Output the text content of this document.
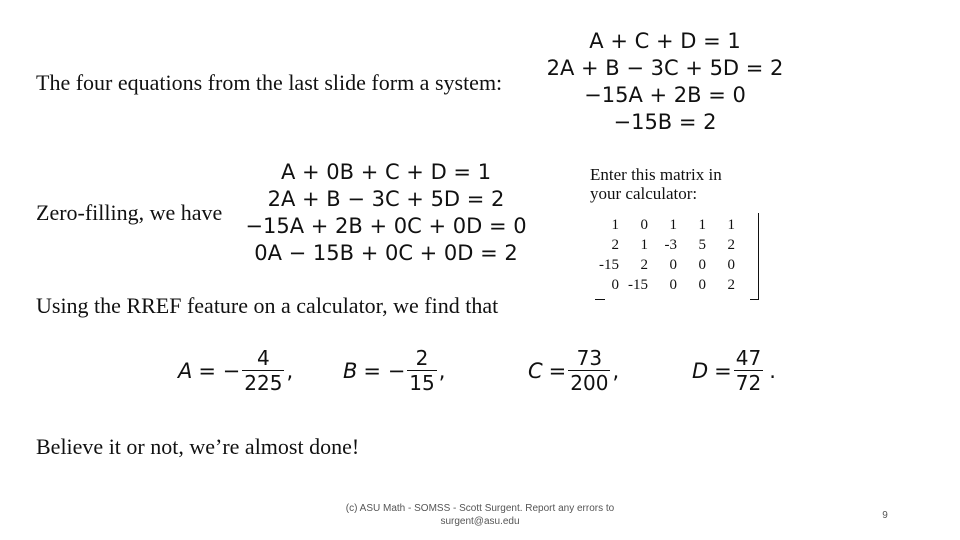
The four equations from the last slide form a system:
A + C + D = 1
2A + B − 3C + 5D = 2
−15A + 2B = 0
−15B = 2
Zero-filling, we have
A + 0B + C + D = 1
2A + B − 3C + 5D = 2
−15A + 2B + 0C + 0D = 0
0A − 15B + 0C + 0D = 2
Enter this matrix in
your calculator:
1	0	1	1	1
2	1	-3	5	2
-15	2	0	0	0
0	-15	0	0	2
Using the RREF feature on a calculator, we find that
A = − $\frac{4}{225}$ , B = − $\frac{2}{15}$ ,	$C = \frac{73}{200}$ ,	$D = \frac{47}{72}$ .
Believe it or not, we’re almost done!
(c) ASU Math - SOMSS - Scott Surgent. Report any errors to
surgent@asu.edu
9
